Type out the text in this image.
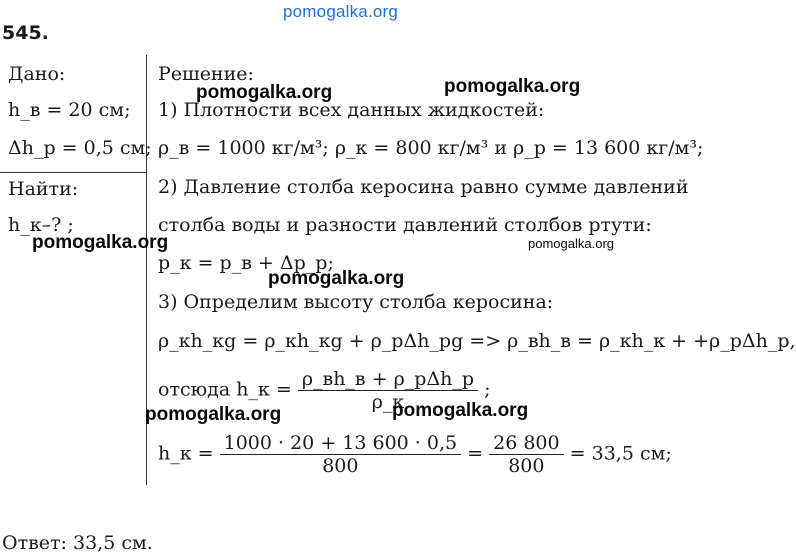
pomogalka.org
545.
Дано:
h_в = 20 см;
Δh_р = 0,5 см;
Найти:
h_к–? ;
Решение:
1) Плотности всех данных жидкостей:
ρ_в = 1000 кг/м³; ρ_к = 800 кг/м³ и ρ_р = 13 600 кг/м³;
2) Давление столба керосина равно сумме давлений
столба воды и разности давлений столбов ртути:
p_к = p_в + Δp_р;
3) Определим высоту столба керосина:
ρ_кh_кg = ρ_кh_кg + ρ_рΔh_рg => ρ_вh_в = ρ_кh_к + +ρ_рΔh_р,
отсюда h_к = $\frac{\text{ρ\_вh\_в + ρ\_рΔh\_р}}{\rho\_к}$ ;
h_к = $\frac{1000 \cdot 20 + 13 600 \cdot 0,5}{800} = \frac{26 800}{800} = 33,5$ см;
Ответ: 33,5 см.
pomogalka.org	pomogalka.org
pomogalka.org	pomogalka.org
pomogalka.org
pomogalka.org	pomogalka.org
